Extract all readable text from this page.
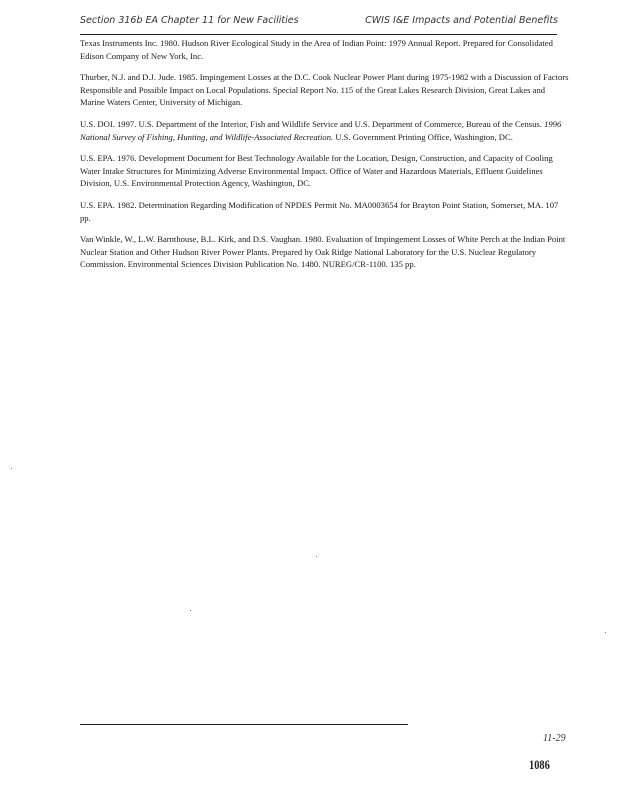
Section 316b EA Chapter 11 for New Facilities	CWIS I&E Impacts and Potential Benefits

Texas Instruments Inc. 1980. Hudson River Ecological Study in the Area of Indian Point: 1979 Annual Report. Prepared for Consolidated Edison Company of New York, Inc.

Thurber, N.J. and D.J. Jude. 1985. Impingement Losses at the D.C. Cook Nuclear Power Plant during 1975-1982 with a Discussion of Factors Responsible and Possible Impact on Local Populations. Special Report No. 115 of the Great Lakes Research Division, Great Lakes and Marine Waters Center, University of Michigan.

U.S. DOI. 1997. U.S. Department of the Interior, Fish and Wildlife Service and U.S. Department of Commerce, Bureau of the Census. 1996 National Survey of Fishing, Hunting, and Wildlife-Associated Recreation. U.S. Government Printing Office, Washington, DC.

U.S. EPA. 1976. Development Document for Best Technology Available for the Location, Design, Construction, and Capacity of Cooling Water Intake Structures for Minimizing Adverse Environmental Impact. Office of Water and Hazardous Materials, Effluent Guidelines Division, U.S. Environmental Protection Agency, Washington, DC.

U.S. EPA. 1982. Determination Regarding Modification of NPDES Permit No. MA0003654 for Brayton Point Station, Somerset, MA. 107 pp.

Van Winkle, W., L.W. Barnthouse, B.L. Kirk, and D.S. Vaughan. 1980. Evaluation of Impingement Losses of White Perch at the Indian Point Nuclear Station and Other Hudson River Power Plants. Prepared by Oak Ridge National Laboratory for the U.S. Nuclear Regulatory Commission. Environmental Sciences Division Publication No. 1480. NUREG/CR-1100. 135 pp.

11-29
1086
